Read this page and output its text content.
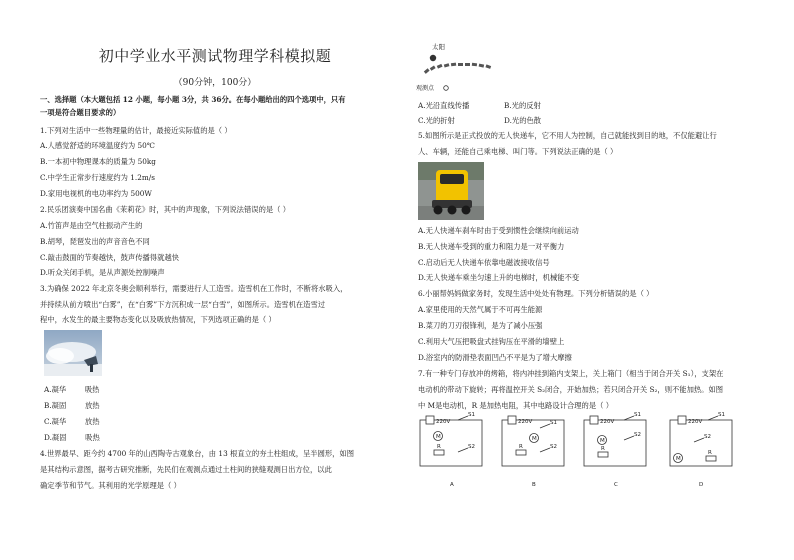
初中学业水平测试物理学科模拟题
（90分钟，100分）
一、选择题（本大题包括 12 小题，每小题 3分，共 36分。在每小题给出的四个选项中，只有
一项是符合题目要求的）
1.下列对生活中一些物理量的估计，最接近实际值的是（ ）
A.人感觉舒适的环境温度约为 50℃
B.一本初中物理课本的质量为 50kg
C.中学生正常步行速度约为 1.2m/s
D.家用电视机的电功率约为 500W
2.民乐团演奏中国名曲《茉莉花》时，其中的声现象，下列说法错误的是（ ）
A.竹笛声是由空气柱振动产生的
B.胡琴，琵琶发出的声音音色不同
C.敲击鼓面的节奏越快，鼓声传播得就越快
D.听众关闭手机，是从声源处控制噪声
3.为确保 2022 年北京冬奥会顺利举行，需要进行人工造雪。造雪机在工作时，不断将水吸入，
并持续从前方喷出“白雾”，在“白雾”下方沉积成一层“白雪”，如图所示。造雪机在造雪过
程中，水发生的最主要物态变化以及吸放热情况，下列选项正确的是（ ）
A.凝华	吸热
B.凝固	放热
C.凝华	放热
D.凝固	吸热
4.世界最早、距今约 4700 年的山西陶寺古观象台，由 13 根直立的夯土柱组成，呈半圆形，如图
是其结构示意图，据考古研究推断，先民们在观测点通过土柱间的狭缝观测日出方位，以此
确定季节和节气。其利用的光学原理是（ ）
太阳
观测点
A.光沿直线传播	B.光的反射
C.光的折射	D.光的色散
5.如图所示是正式投放的无人快递车，它不用人为控制，自己就能找到目的地，不仅能避让行
人、车辆，还能自己乘电梯、叫门等。下列说法正确的是（ ）
A.无人快递车刹车时由于受到惯性会继续向前运动
B.无人快递车受到的重力和阻力是一对平衡力
C.启动后无人快递车依靠电磁波接收信号
D.无人快递车乘坐匀速上升的电梯时，机械能不变
6.小丽帮妈妈做家务时，发现生活中处处有物理。下列分析错误的是（ ）
A.家里使用的天然气属于不可再生能源
B.菜刀的刀刃很锋利，是为了减小压强
C.利用大气压把吸盘式挂钩压在平滑的墙壁上
D.浴室内的防滑垫表面凹凸不平是为了增大摩擦
7.有一种专门存放冲的烤箱，将内冲挂到箱内支架上，关上箱门（相当于闭合开关 S₁），支架在
电动机的带动下旋转；再将温控开关 S₂闭合，开始加热；若只闭合开关 S₂，则不能加热。如图
中 M是电动机，R 是加热电阻，其中电路设计合理的是（ ）
220V
M
R
S1
S2
A
220V
M
R
S1
S2
B
220V
M
R
S1
S2
C
220V
M
R
S1
S2
D
